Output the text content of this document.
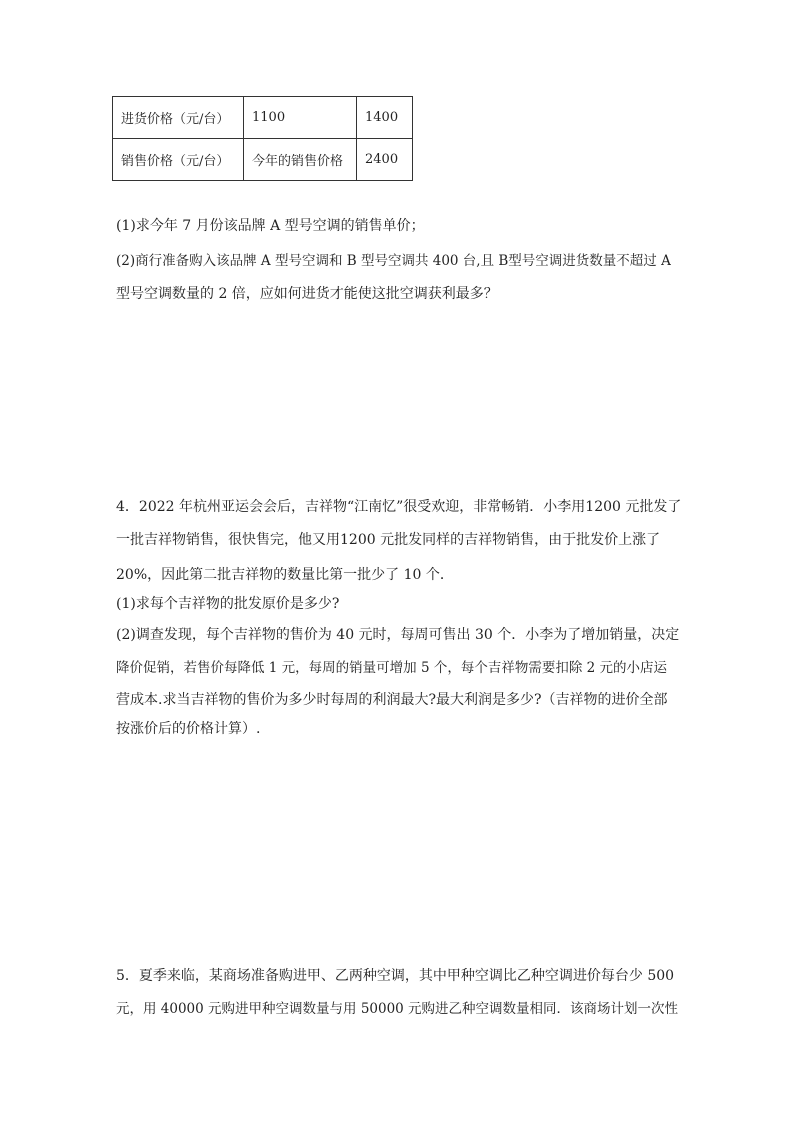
进货价格（元/台）	1100	1400
销售价格（元/台）	今年的销售价格	2400
(1)求今年 7 月份该品牌 A 型号空调的销售单价；
(2)商行准备购入该品牌 A 型号空调和 B 型号空调共 400 台,且 B型号空调进货数量不超过 A
型号空调数量的 2 倍，应如何进货才能使这批空调获利最多？
4．2022 年杭州亚运会会后，吉祥物“江南忆”很受欢迎，非常畅销．小李用1200 元批发了
一批吉祥物销售，很快售完，他又用1200 元批发同样的吉祥物销售，由于批发价上涨了
20%，因此第二批吉祥物的数量比第一批少了 10 个．
(1)求每个吉祥物的批发原价是多少?
(2)调查发现，每个吉祥物的售价为 40 元时，每周可售出 30 个．小李为了增加销量，决定
降价促销，若售价每降低 1 元，每周的销量可增加 5 个，每个吉祥物需要扣除 2 元的小店运
营成本.求当吉祥物的售价为多少时每周的利润最大?最大利润是多少?（吉祥物的进价全部
按涨价后的价格计算）.
5．夏季来临，某商场准备购进甲、乙两种空调，其中甲种空调比乙种空调进价每台少 500
元，用 40000 元购进甲种空调数量与用 50000 元购进乙种空调数量相同．该商场计划一次性
